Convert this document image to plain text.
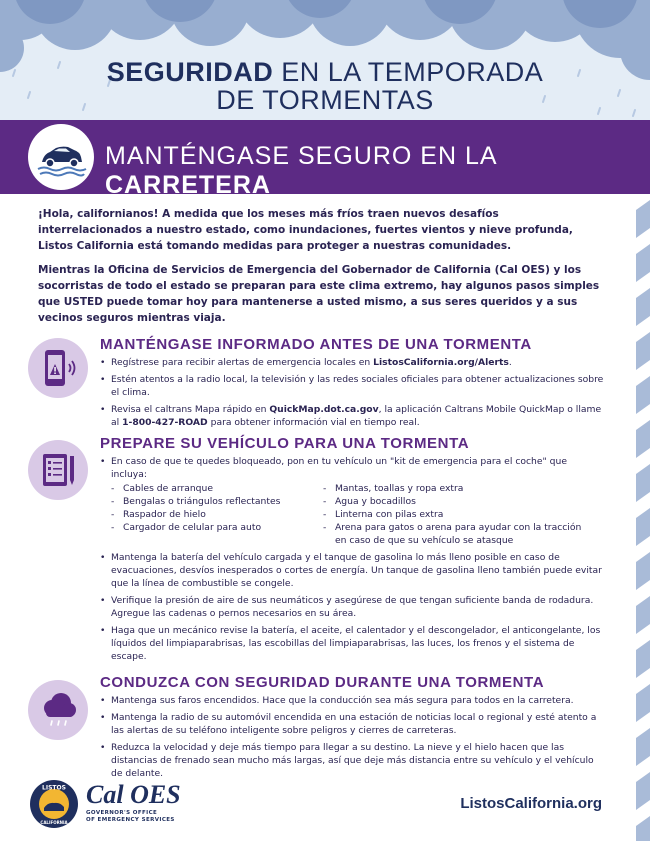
SEGURIDAD EN LA TEMPORADA
DE TORMENTAS
MANTÉNGASE SEGURO EN LA CARRETERA

¡Hola, californianos! A medida que los meses más fríos traen nuevos desafíos interrelacionados a nuestro estado, como inundaciones, fuertes vientos y nieve profunda, Listos California está tomando medidas para proteger a nuestras comunidades.

Mientras la Oficina de Servicios de Emergencia del Gobernador de California (Cal OES) y los socorristas de todo el estado se preparan para este clima extremo, hay algunos pasos simples que USTED puede tomar hoy para mantenerse a usted mismo, a sus seres queridos y a sus vecinos seguros mientras viaja.

MANTÉNGASE INFORMADO ANTES DE UNA TORMENTA
• Regístrese para recibir alertas de emergencia locales en ListosCalifornia.org/Alerts.
• Estén atentos a la radio local, la televisión y las redes sociales oficiales para obtener actualizaciones sobre el clima.
• Revisa el caltrans Mapa rápido en QuickMap.dot.ca.gov, la aplicación Caltrans Mobile QuickMap o llame al 1-800-427-ROAD para obtener información vial en tiempo real.
PREPARE SU VEHÍCULO PARA UNA TORMENTA
• En caso de que te quedes bloqueado, pon en tu vehículo un "kit de emergencia para el coche" que incluya:
- Cables de arranque	- Mantas, toallas y ropa extra
- Bengalas o triángulos reflectantes	- Agua y bocadillos
- Raspador de hielo	- Linterna con pilas extra
- Cargador de celular para auto	- Arena para gatos o arena para ayudar con la tracción en caso de que su vehículo se atasque
• Mantenga la batería del vehículo cargada y el tanque de gasolina lo más lleno posible en caso de evacuaciones, desvíos inesperados o cortes de energía. Un tanque de gasolina lleno también puede evitar que la línea de combustible se congele.
• Verifique la presión de aire de sus neumáticos y asegúrese de que tengan suficiente banda de rodadura. Agregue las cadenas o pernos necesarios en su área.
• Haga que un mecánico revise la batería, el aceite, el calentador y el descongelador, el anticongelante, los líquidos del limpiaparabrisas, las escobillas del limpiaparabrisas, las luces, los frenos y el sistema de escape.
CONDUZCA CON SEGURIDAD DURANTE UNA TORMENTA
• Mantenga sus faros encendidos. Hace que la conducción sea más segura para todos en la carretera.
• Mantenga la radio de su automóvil encendida en una estación de noticias local o regional y esté atento a las alertas de su teléfono inteligente sobre peligros y cierres de carreteras.
• Reduzca la velocidad y deje más tiempo para llegar a su destino. La nieve y el hielo hacen que las distancias de frenado sean mucho más largas, así que deje más distancia entre su vehículo y el vehículo de delante.
LISTOS
CALIFORNIA
Cal OES
GOVERNOR'S OFFICE
OF EMERGENCY SERVICES
ListosCalifornia.org
